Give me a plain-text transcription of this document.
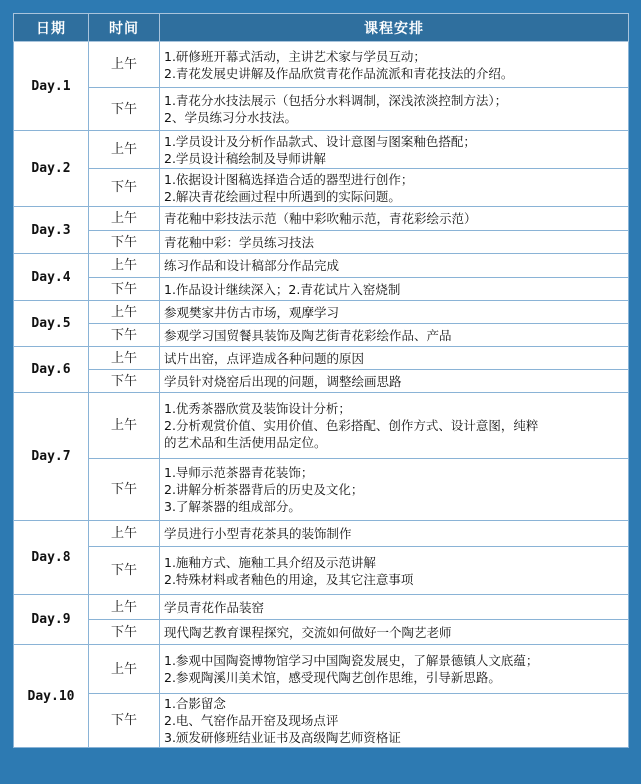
日期	时间	课程安排
Day.1	上午	1.研修班开幕式活动，主讲艺术家与学员互动；
2.青花发展史讲解及作品欣赏青花作品流派和青花技法的介绍。

	下午	1.青花分水技法展示（包括分水料调制，深浅浓淡控制方法）；
2、学员练习分水技法。

Day.2	上午	1.学员设计及分析作品款式、设计意图与图案釉色搭配；
2.学员设计稿绘制及导师讲解

	下午	1.依据设计图稿选择造合适的器型进行创作；
2.解决青花绘画过程中所遇到的实际问题。

Day.3	上午	青花釉中彩技法示范（釉中彩吹釉示范，青花彩绘示范）

	下午	青花釉中彩：学员练习技法

Day.4	上午	练习作品和设计稿部分作品完成

	下午	1.作品设计继续深入；2.青花试片入窑烧制

Day.5	上午	参观樊家井仿古市场，观摩学习

	下午	参观学习国贸餐具装饰及陶艺街青花彩绘作品、产品

Day.6	上午	试片出窑，点评造成各种问题的原因

	下午	学员针对烧窑后出现的问题，调整绘画思路

Day.7	上午	1.优秀茶器欣赏及装饰设计分析；
2.分析观赏价值、实用价值、色彩搭配、创作方式、设计意图，纯粹
的艺术品和生活使用品定位。

	下午	1.导师示范茶器青花装饰；
2.讲解分析茶器背后的历史及文化；
3.了解茶器的组成部分。

Day.8	上午	学员进行小型青花茶具的装饰制作

	下午	1.施釉方式、施釉工具介绍及示范讲解
2.特殊材料或者釉色的用途，及其它注意事项

Day.9	上午	学员青花作品装窑

	下午	现代陶艺教育课程探究，交流如何做好一个陶艺老师

Day.10	上午	1.参观中国陶瓷博物馆学习中国陶瓷发展史，了解景德镇人文底蕴；
2.参观陶溪川美术馆，感受现代陶艺创作思维，引导新思路。

	下午	1.合影留念
2.电、气窑作品开窑及现场点评
3.颁发研修班结业证书及高级陶艺师资格证
